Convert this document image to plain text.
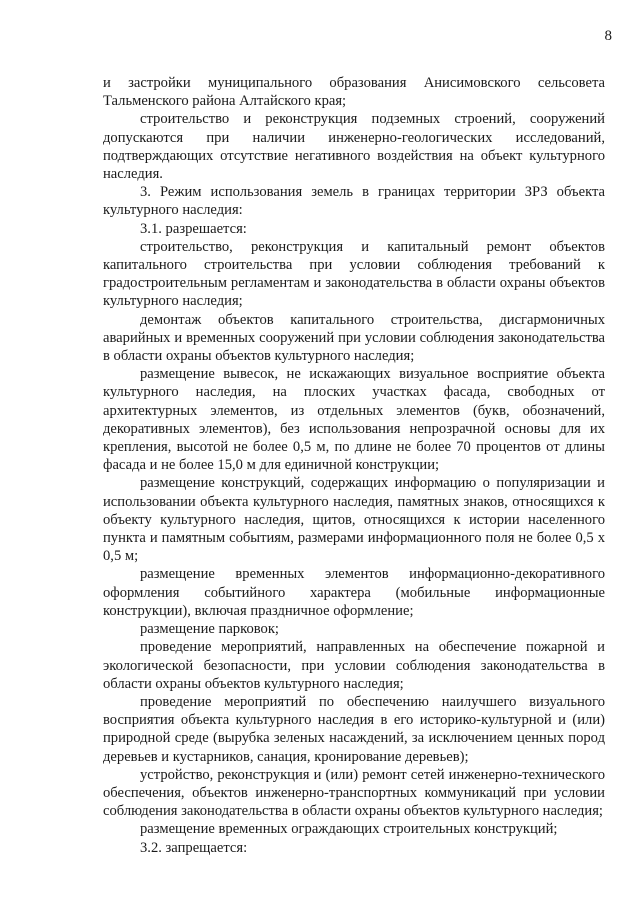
8

и застройки муниципального образования Анисимовского сельсовета Тальменского района Алтайского края;

строительство и реконструкция подземных строений, сооружений допускаются при наличии инженерно-геологических исследований, подтверждающих отсутствие негативного воздействия на объект культурного наследия.

3. Режим использования земель в границах территории ЗРЗ объекта культурного наследия:

3.1. разрешается:

строительство, реконструкция и капитальный ремонт объектов капитального строительства при условии соблюдения требований к градостроительным регламентам и законодательства в области охраны объектов культурного наследия;

демонтаж объектов капитального строительства, дисгармоничных аварийных и временных сооружений при условии соблюдения законодательства в области охраны объектов культурного наследия;

размещение вывесок, не искажающих визуальное восприятие объекта культурного наследия, на плоских участках фасада, свободных от архитектурных элементов, из отдельных элементов (букв, обозначений, декоративных элементов), без использования непрозрачной основы для их крепления, высотой не более 0,5 м, по длине не более 70 процентов от длины фасада и не более 15,0 м для единичной конструкции;

размещение конструкций, содержащих информацию о популяризации и использовании объекта культурного наследия, памятных знаков, относящихся к объекту культурного наследия, щитов, относящихся к истории населенного пункта и памятным событиям, размерами информационного поля не более 0,5 х 0,5 м;

размещение временных элементов информационно-декоративного оформления событийного характера (мобильные информационные конструкции), включая праздничное оформление;

размещение парковок;

проведение мероприятий, направленных на обеспечение пожарной и экологической безопасности, при условии соблюдения законодательства в области охраны объектов культурного наследия;

проведение мероприятий по обеспечению наилучшего визуального восприятия объекта культурного наследия в его историко-культурной и (или) природной среде (вырубка зеленых насаждений, за исключением ценных пород деревьев и кустарников, санация, кронирование деревьев);

устройство, реконструкция и (или) ремонт сетей инженерно-технического обеспечения, объектов инженерно-транспортных коммуникаций при условии соблюдения законодательства в области охраны объектов культурного наследия;

размещение временных ограждающих строительных конструкций;

3.2. запрещается:
